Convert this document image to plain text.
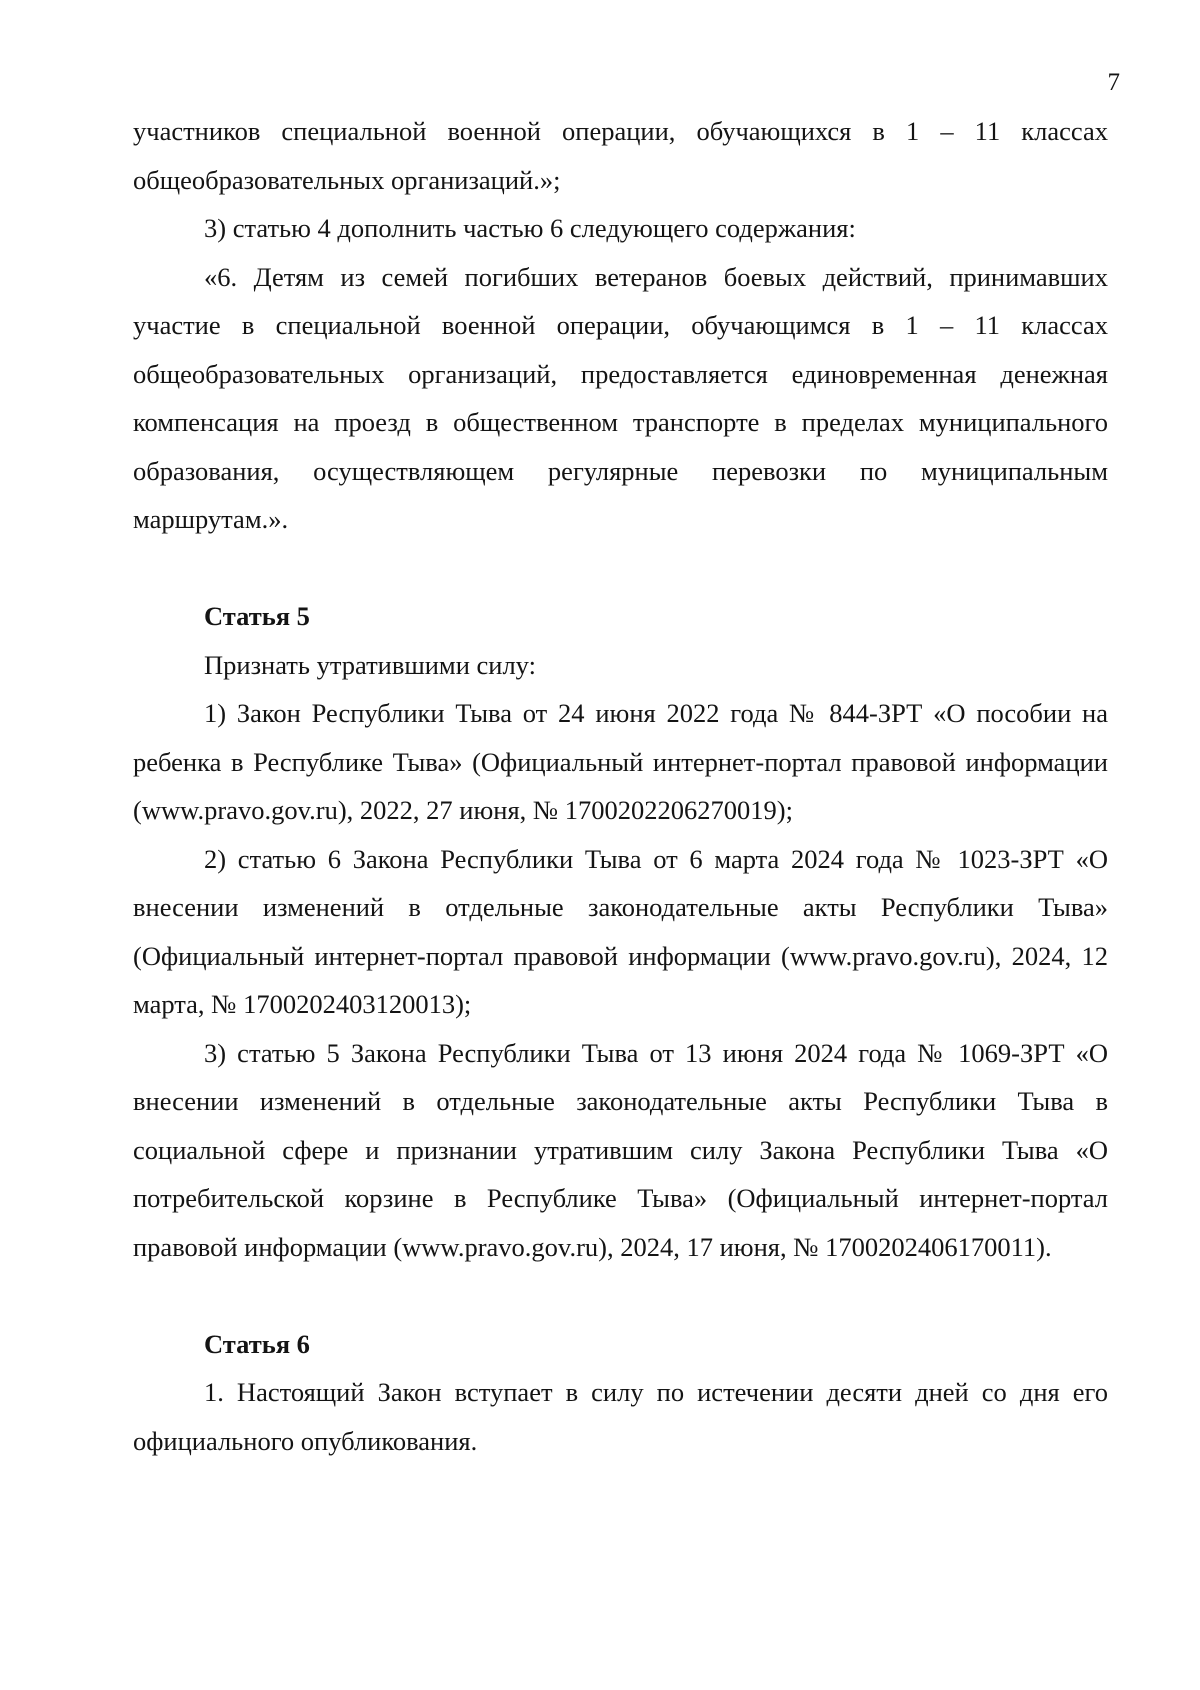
7

участников специальной военной операции, обучающихся в 1 – 11 классах общеобразовательных организаций.»;

3) статью 4 дополнить частью 6 следующего содержания:

«6. Детям из семей погибших ветеранов боевых действий, принимавших участие в специальной военной операции, обучающимся в 1 – 11 классах общеобразовательных организаций, предоставляется единовременная денежная компенсация на проезд в общественном транспорте в пределах муниципального образования, осуществляющем регулярные перевозки по муниципальным маршрутам.».

Статья 5

Признать утратившими силу:

1) Закон Республики Тыва от 24 июня 2022 года № 844-ЗРТ «О пособии на ребенка в Республике Тыва» (Официальный интернет-портал правовой информации (www.pravo.gov.ru), 2022, 27 июня, № 1700202206270019);

2) статью 6 Закона Республики Тыва от 6 марта 2024 года № 1023-ЗРТ «О внесении изменений в отдельные законодательные акты Республики Тыва» (Официальный интернет-портал правовой информации (www.pravo.gov.ru), 2024, 12 марта, № 1700202403120013);

3) статью 5 Закона Республики Тыва от 13 июня 2024 года № 1069-ЗРТ «О внесении изменений в отдельные законодательные акты Республики Тыва в социальной сфере и признании утратившим силу Закона Республики Тыва «О потребительской корзине в Республике Тыва» (Официальный интернет-портал правовой информации (www.pravo.gov.ru), 2024, 17 июня, № 1700202406170011).

Статья 6

1. Настоящий Закон вступает в силу по истечении десяти дней со дня его официального опубликования.
